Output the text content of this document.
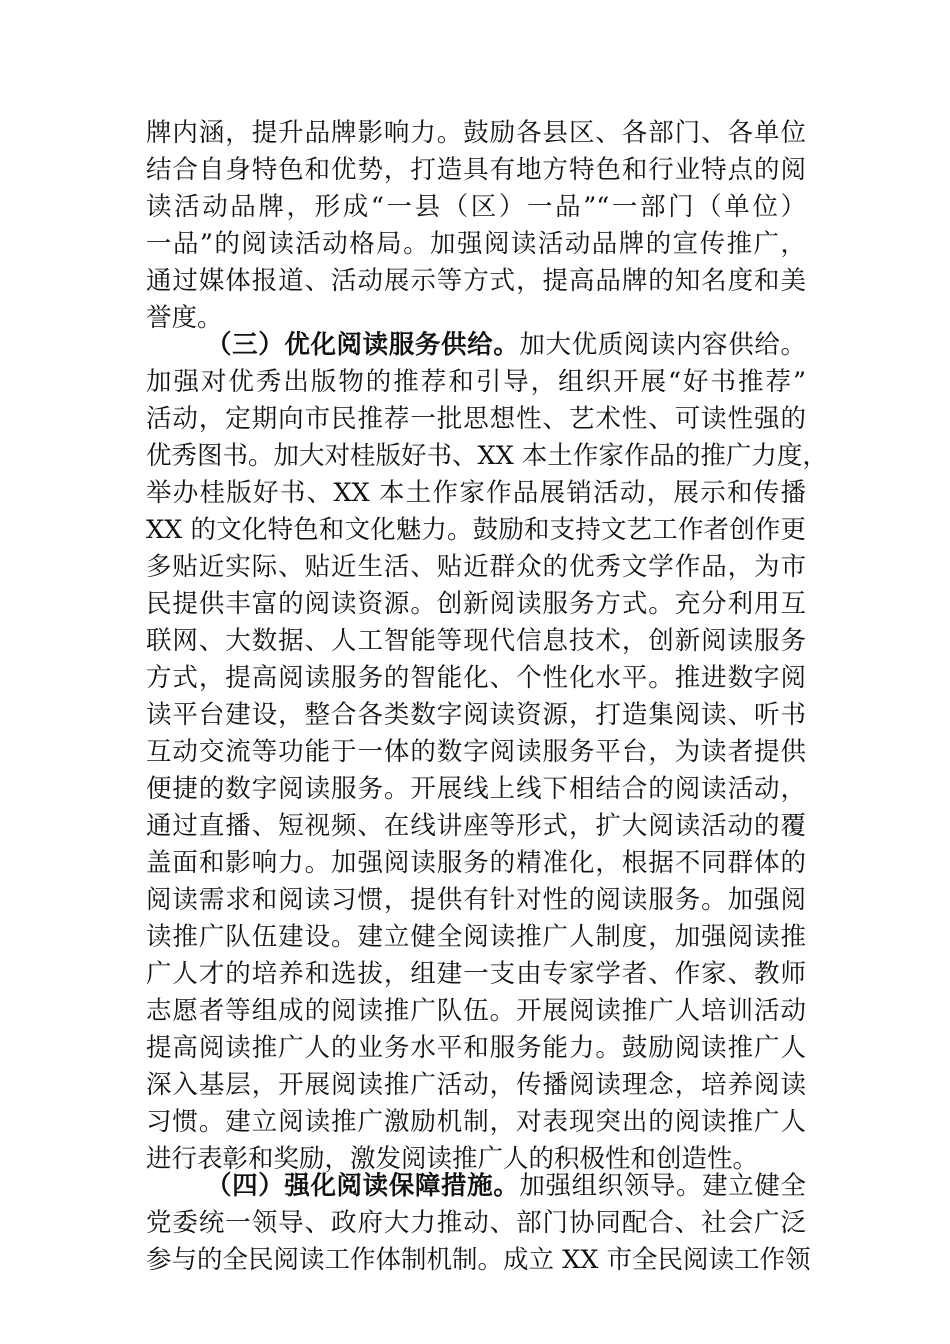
牌内涵，提升品牌影响力。鼓励各县区、各部门、各单位
结合自身特色和优势，打造具有地方特色和行业特点的阅
读活动品牌，形成“一县（区）一品”“一部门（单位）
一品”的阅读活动格局。加强阅读活动品牌的宣传推广，
通过媒体报道、活动展示等方式，提高品牌的知名度和美
誉度。
（三）优化阅读服务供给。加大优质阅读内容供给。
加强对优秀出版物的推荐和引导，组织开展“好书推荐”
活动，定期向市民推荐一批思想性、艺术性、可读性强的
优秀图书。加大对桂版好书、XX 本土作家作品的推广力度，
举办桂版好书、XX 本土作家作品展销活动，展示和传播
XX 的文化特色和文化魅力。鼓励和支持文艺工作者创作更
多贴近实际、贴近生活、贴近群众的优秀文学作品，为市
民提供丰富的阅读资源。创新阅读服务方式。充分利用互
联网、大数据、人工智能等现代信息技术，创新阅读服务
方式，提高阅读服务的智能化、个性化水平。推进数字阅
读平台建设，整合各类数字阅读资源，打造集阅读、听书
互动交流等功能于一体的数字阅读服务平台，为读者提供
便捷的数字阅读服务。开展线上线下相结合的阅读活动，
通过直播、短视频、在线讲座等形式，扩大阅读活动的覆
盖面和影响力。加强阅读服务的精准化，根据不同群体的
阅读需求和阅读习惯，提供有针对性的阅读服务。加强阅
读推广队伍建设。建立健全阅读推广人制度，加强阅读推
广人才的培养和选拔，组建一支由专家学者、作家、教师
志愿者等组成的阅读推广队伍。开展阅读推广人培训活动
提高阅读推广人的业务水平和服务能力。鼓励阅读推广人
深入基层，开展阅读推广活动，传播阅读理念，培养阅读
习惯。建立阅读推广激励机制，对表现突出的阅读推广人
进行表彰和奖励，激发阅读推广人的积极性和创造性。
（四）强化阅读保障措施。加强组织领导。建立健全
党委统一领导、政府大力推动、部门协同配合、社会广泛
参与的全民阅读工作体制机制。成立 XX 市全民阅读工作领
